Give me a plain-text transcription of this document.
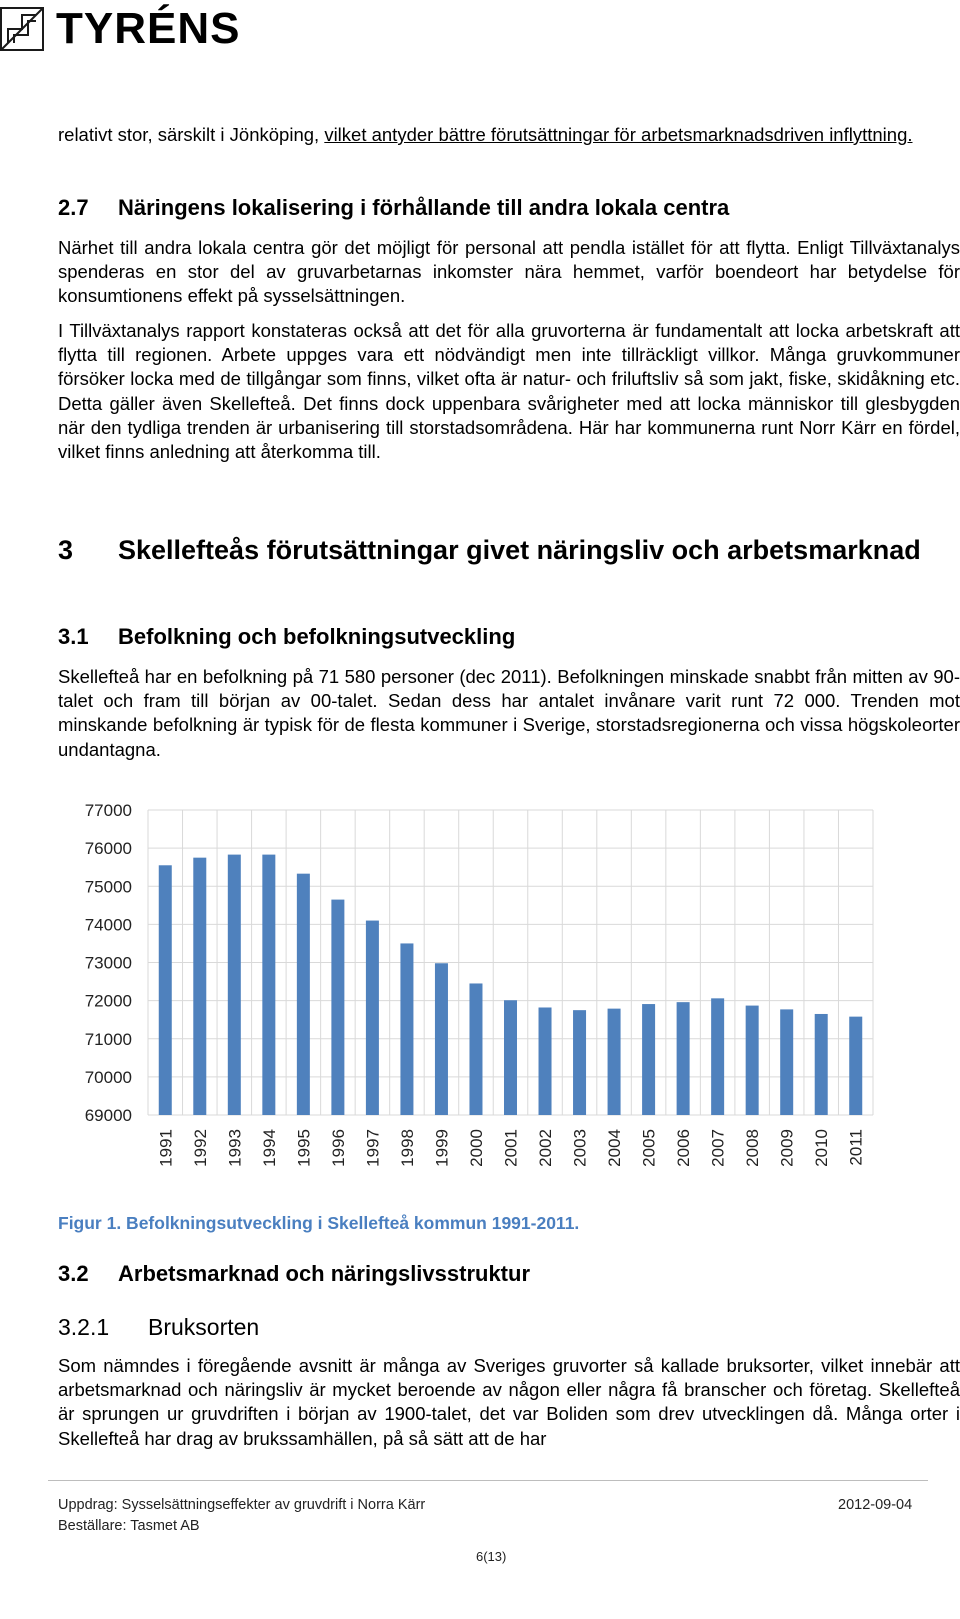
TYRÉNS

relativt stor, särskilt i Jönköping, vilket antyder bättre förutsättningar för arbetsmarknadsdriven inflyttning.

2.7	Näringens lokalisering i förhållande till andra lokala centra

Närhet till andra lokala centra gör det möjligt för personal att pendla istället för att flytta. Enligt Tillväxtanalys spenderas en stor del av gruvarbetarnas inkomster nära hemmet, varför boendeort har betydelse för konsumtionens effekt på sysselsättningen.

I Tillväxtanalys rapport konstateras också att det för alla gruvorterna är fundamentalt att locka arbetskraft att flytta till regionen. Arbete uppges vara ett nödvändigt men inte tillräckligt villkor. Många gruvkommuner försöker locka med de tillgångar som finns, vilket ofta är natur- och friluftsliv så som jakt, fiske, skidåkning etc. Detta gäller även Skellefteå. Det finns dock uppenbara svårigheter med att locka människor till glesbygden när den tydliga trenden är urbanisering till storstadsområdena. Här har kommunerna runt Norr Kärr en fördel, vilket finns anledning att återkomma till.

3	Skellefteås förutsättningar givet näringsliv och arbetsmarknad
3.1	Befolkning och befolkningsutveckling

Skellefteå har en befolkning på 71 580 personer (dec 2011). Befolkningen minskade snabbt från mitten av 90-talet och fram till början av 00-talet. Sedan dess har antalet invånare varit runt 72 000. Trenden mot minskande befolkning är typisk för de flesta kommuner i Sverige, storstadsregionerna och vissa högskoleorter undantagna.

77000
76000
75000
74000
73000
72000
71000
70000
69000
1991 1992 1993 1994 1995 1996 1997 1998 1999 2000 2001 2002 2003 2004 2005 2006 2007 2008 2009 2010 2011
Figur 1. Befolkningsutveckling i Skellefteå kommun 1991-2011.
3.2	Arbetsmarknad och näringslivsstruktur
3.2.1	Bruksorten

Som nämndes i föregående avsnitt är många av Sveriges gruvorter så kallade bruksorter, vilket innebär att arbetsmarknad och näringsliv är mycket beroende av någon eller några få branscher och företag. Skellefteå är sprungen ur gruvdriften i början av 1900-talet, det var Boliden som drev utvecklingen då. Många orter i Skellefteå har drag av brukssamhällen, på så sätt att de har

Uppdrag: Sysselsättningseffekter av gruvdrift i Norra Kärr	2012-09-04
Beställare: Tasmet AB
6(13)
